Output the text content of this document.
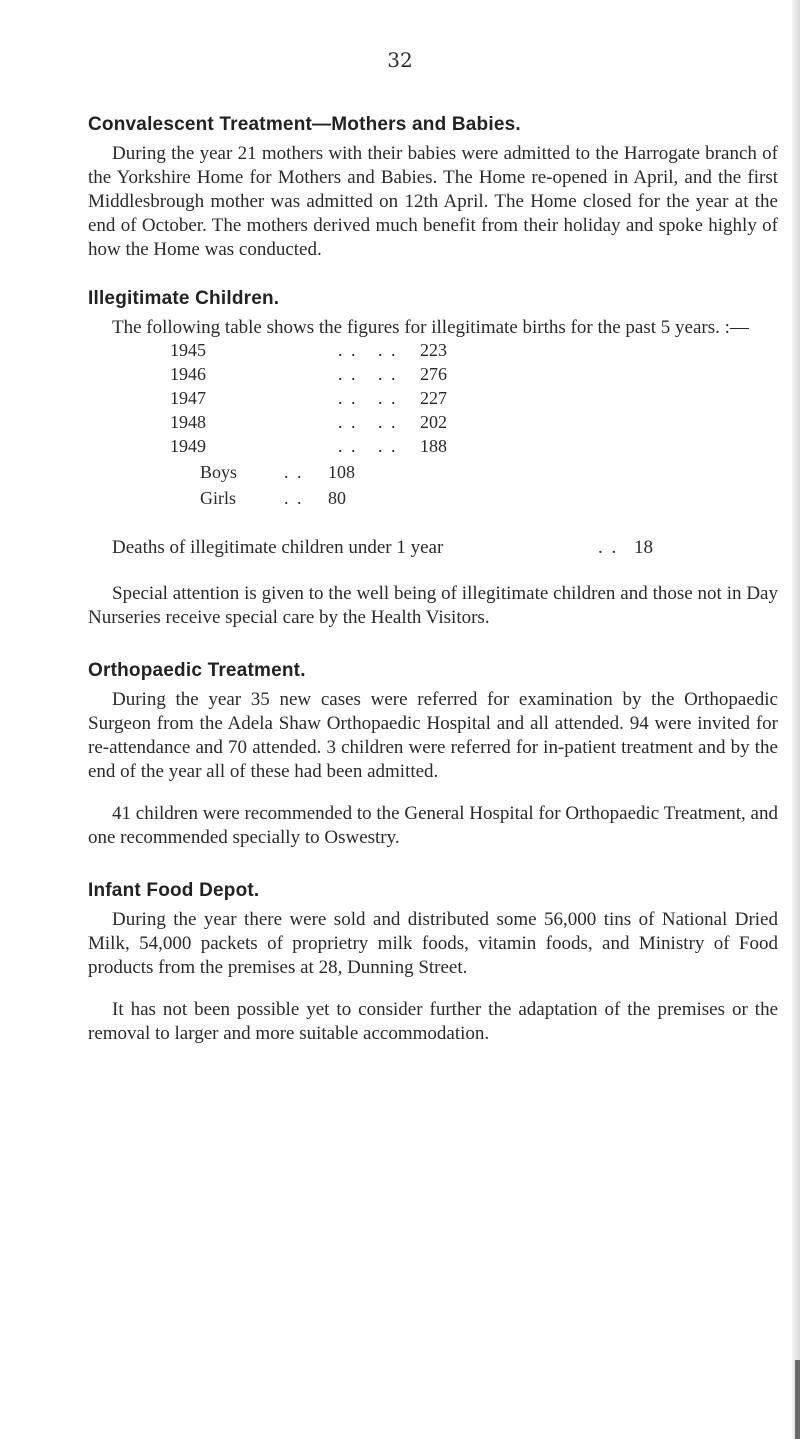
32

Convalescent Treatment—Mothers and Babies.

During the year 21 mothers with their babies were admitted to the Harrogate branch of the Yorkshire Home for Mothers and Babies. The Home re-opened in April, and the first Middlesbrough mother was admitted on 12th April. The Home closed for the year at the end of October. The mothers derived much benefit from their holiday and spoke highly of how the Home was conducted.

Illegitimate Children.

The following table shows the figures for illegitimate births for the past 5 years. :—

1945	. . . . 223
1946	. . . . 276
1947	. . . . 227
1948	. . . . 202
1949	. . . . 188
Boys	. . 108
Girls	. . 80
Deaths of illegitimate children under 1 year	. . 18

Special attention is given to the well being of illegitimate children and those not in Day Nurseries receive special care by the Health Visitors.

Orthopaedic Treatment.

During the year 35 new cases were referred for examination by the Orthopaedic Surgeon from the Adela Shaw Orthopaedic Hospital and all attended. 94 were invited for re-attendance and 70 attended. 3 children were referred for in-patient treatment and by the end of the year all of these had been admitted.

41 children were recommended to the General Hospital for Orthopaedic Treatment, and one recommended specially to Oswestry.

Infant Food Depot.

During the year there were sold and distributed some 56,000 tins of National Dried Milk, 54,000 packets of proprietry milk foods, vitamin foods, and Ministry of Food products from the premises at 28, Dunning Street.

It has not been possible yet to consider further the adaptation of the premises or the removal to larger and more suitable accommodation.
